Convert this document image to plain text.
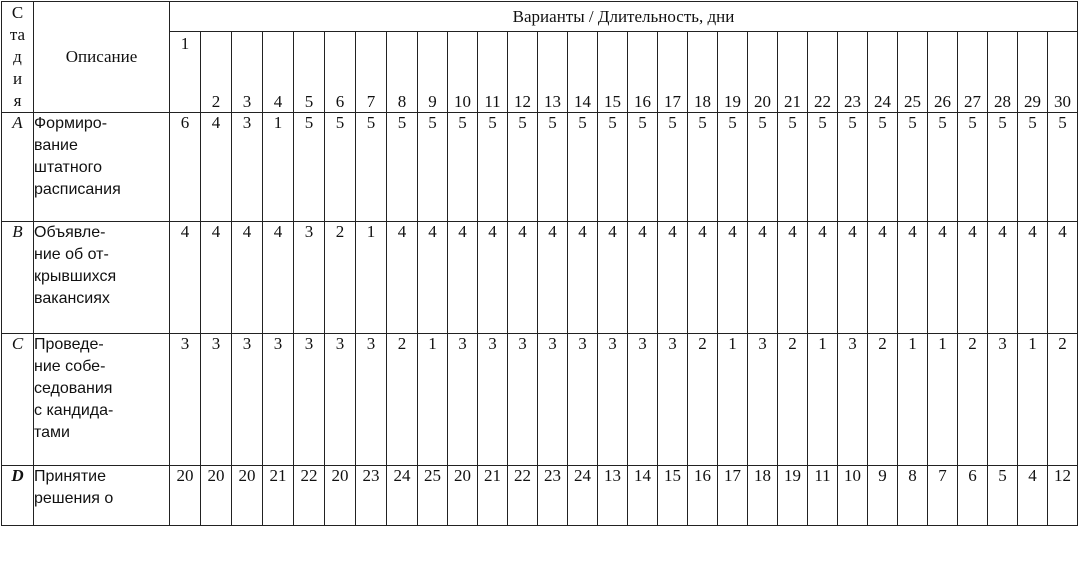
С
та
д
и
я	Описание	Варианты / Длительность, дни																													
		1	2	3	4	5	6	7	8	9	10	11	12	13	14	15	16	17	18	19	20	21	22	23	24	25	26	27	28	29	30
A	Формиро-
вание
штатного
расписания	6	4	3	1	5	5	5	5	5	5	5	5	5	5	5	5	5	5	5	5	5	5	5	5	5	5	5	5	5	5
B	Объявле-
ние об от-
крывшихся
вакансиях	4	4	4	4	3	2	1	4	4	4	4	4	4	4	4	4	4	4	4	4	4	4	4	4	4	4	4	4	4	4
C	Проведе-
ние собе-
седования
с кандида-
тами	3	3	3	3	3	3	3	2	1	3	3	3	3	3	3	3	3	2	1	3	2	1	3	2	1	1	2	3	1	2
D	Принятие
решения о	20	20	20	21	22	20	23	24	25	20	21	22	23	24	13	14	15	16	17	18	19	11	10	9	8	7	6	5	4	12
